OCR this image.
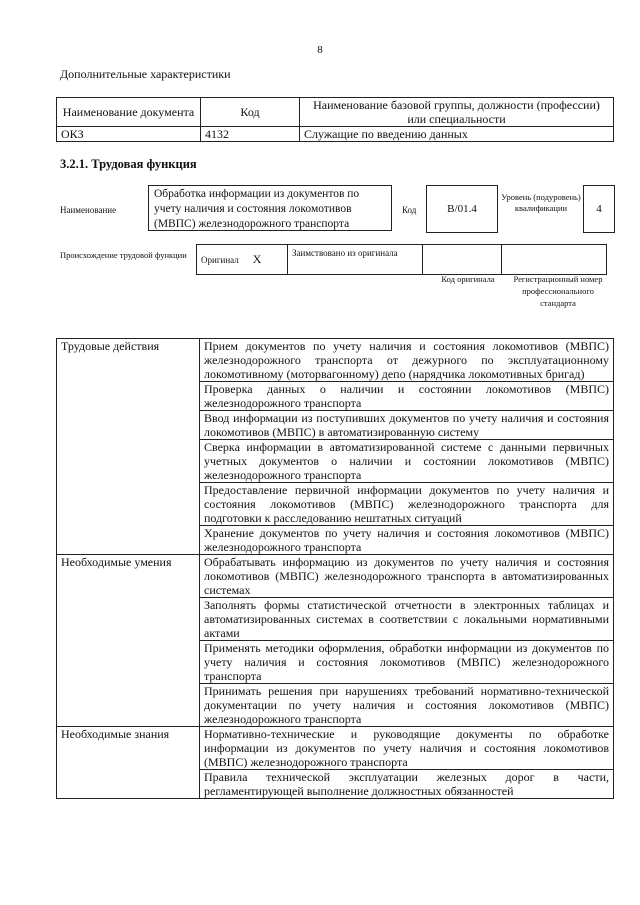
8
Дополнительные характеристики
Наименование документа	Код	Наименование базовой группы, должности (профессии) или специальности
ОКЗ	4132	Служащие по введению данных
3.2.1. Трудовая функция
Наименование
Обработка информации из документов по учету наличия и состояния локомотивов (МВПС) железнодорожного транспорта
Код	B/01.4
Уровень (подуровень) квалификации	4
Происхождение трудовой функции	Оригинал X	Заимствовано из оригинала		
Код оригинала	Регистрационный номер профессионального стандарта
Трудовые действия	Прием документов по учету наличия и состояния локомотивов (МВПС) железнодорожного транспорта от дежурного по эксплуатационному локомотивному (моторвагонному) депо (нарядчика локомотивных бригад)
	Проверка данных о наличии и состоянии локомотивов (МВПС) железнодорожного транспорта
	Ввод информации из поступивших документов по учету наличия и состояния локомотивов (МВПС) в автоматизированную систему
	Сверка информации в автоматизированной системе с данными первичных учетных документов о наличии и состоянии локомотивов (МВПС) железнодорожного транспорта
	Предоставление первичной информации документов по учету наличия и состояния локомотивов (МВПС) железнодорожного транспорта для подготовки к расследованию нештатных ситуаций
	Хранение документов по учету наличия и состояния локомотивов (МВПС) железнодорожного транспорта
Необходимые умения	Обрабатывать информацию из документов по учету наличия и состояния локомотивов (МВПС) железнодорожного транспорта в автоматизированных системах
	Заполнять формы статистической отчетности в электронных таблицах и автоматизированных системах в соответствии с локальными нормативными актами
	Применять методики оформления, обработки информации из документов по учету наличия и состояния локомотивов (МВПС) железнодорожного транспорта
	Принимать решения при нарушениях требований нормативно-технической документации по учету наличия и состояния локомотивов (МВПС) железнодорожного транспорта
Необходимые знания	Нормативно-технические и руководящие документы по обработке информации из документов по учету наличия и состояния локомотивов (МВПС) железнодорожного транспорта
	Правила технической эксплуатации железных дорог в части, регламентирующей выполнение должностных обязанностей
